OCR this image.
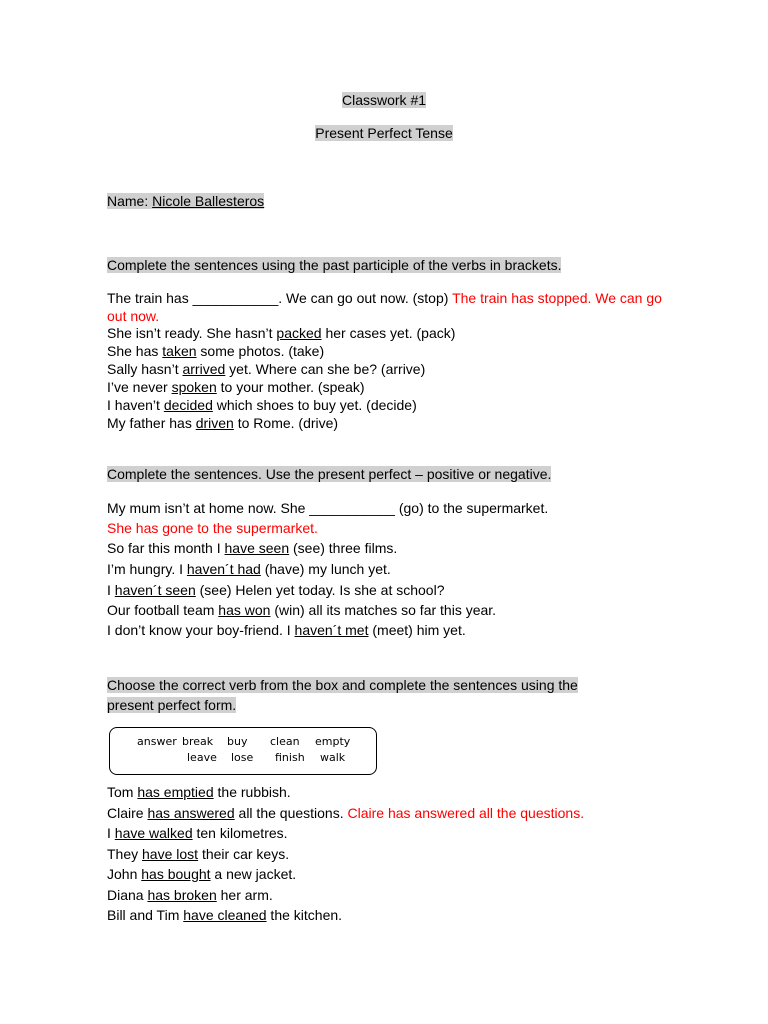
Classwork #1
Present Perfect Tense
Name: Nicole Ballesteros
Complete the sentences using the past participle of the verbs in brackets.
The train has ___________. We can go out now. (stop) The train has stopped. We can go out now.
She isn’t ready. She hasn’t packed her cases yet. (pack)
She has taken some photos. (take)
Sally hasn’t arrived yet. Where can she be? (arrive)
I’ve never spoken to your mother. (speak)
I haven’t decided which shoes to buy yet. (decide)
My father has driven to Rome. (drive)
Complete the sentences. Use the present perfect – positive or negative.
My mum isn’t at home now. She ___________ (go) to the supermarket.
She has gone to the supermarket.
So far this month I have seen (see) three films.
I’m hungry. I haven´t had (have) my lunch yet.
I haven´t seen (see) Helen yet today. Is she at school?
Our football team has won (win) all its matches so far this year.
I don’t know your boy-friend. I haven´t met (meet) him yet.
Choose the correct verb from the box and complete the sentences using the
present perfect form.
answer break buy clean empty
leave lose finish walk
Tom has emptied the rubbish.
Claire has answered all the questions. Claire has answered all the questions.
I have walked ten kilometres.
They have lost their car keys.
John has bought a new jacket.
Diana has broken her arm.
Bill and Tim have cleaned the kitchen.
